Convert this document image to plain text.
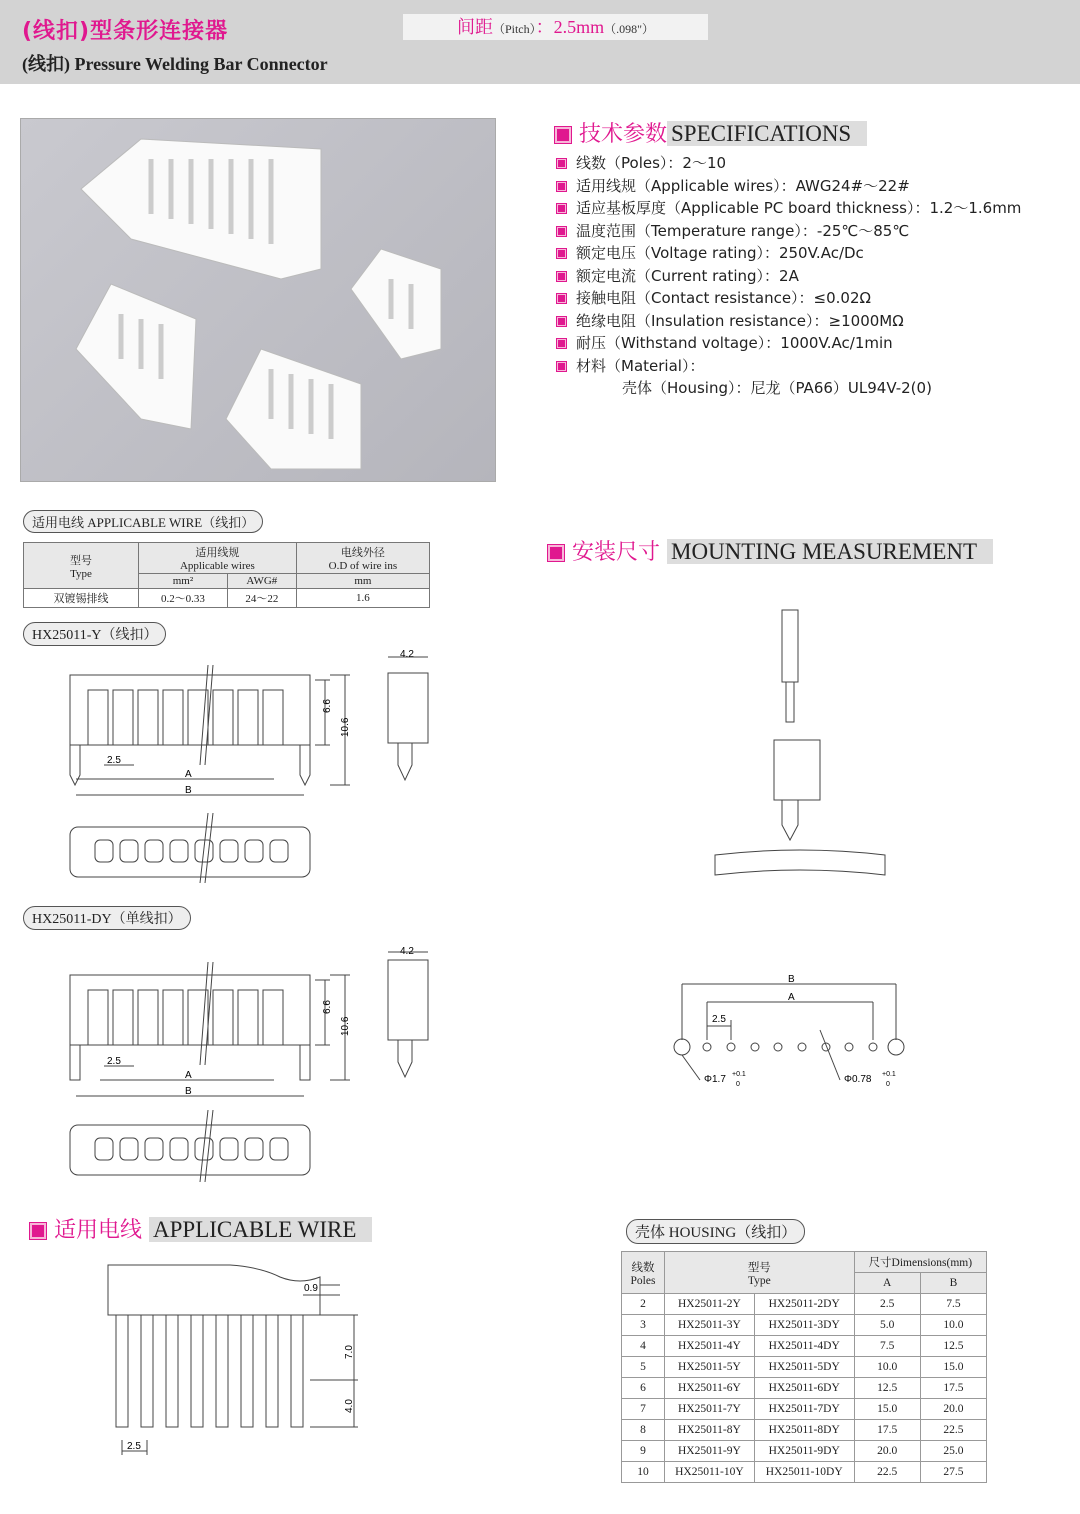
(线扣)型条形连接器
(线扣) Pressure Welding Bar Connector
间距（Pitch）：2.5mm（.098"）
技术参数 SPECIFICATIONS
线数（Poles）：2～10
适用线规（Applicable wires）：AWG24#～22#
适应基板厚度（Applicable PC board thickness）：1.2～1.6mm
温度范围（Temperature range）：-25℃～85℃
额定电压（Voltage rating）：250V.Ac/Dc
额定电流（Current rating）：2A
接触电阻（Contact resistance）：≤0.02Ω
绝缘电阻（Insulation resistance）：≥1000MΩ
耐压（Withstand voltage）：1000V.Ac/1min
材料（Material）：
壳体（Housing）：尼龙（PA66）UL94V-2(0)
适用电线 APPLICABLE WIRE（线扣）
型号
Type	适用线规
Applicable wires		电线外径
O.D of wire ins
	mm²	AWG#	mm
双镀锡排线	0.2～0.33	24～22	1.6
HX25011-Y（线扣）
4.2
6.6
10.6
2.5
A
B
HX25011-DY（单线扣）
4.2
6.6
10.6
2.5
A
B
安装尺寸 MOUNTING MEASUREMENT
B
A
2.5
Φ1.7 +0.1
0	Φ0.78 +0.1
0
适用电线 APPLICABLE WIRE
0.9
7.0
4.0
2.5
壳体 HOUSING（线扣）
线数
Poles	型号
Type		尺寸Dimensions(mm)	
			A	B
2	HX25011-2Y	HX25011-2DY	2.5	7.5
3	HX25011-3Y	HX25011-3DY	5.0	10.0
4	HX25011-4Y	HX25011-4DY	7.5	12.5
5	HX25011-5Y	HX25011-5DY	10.0	15.0
6	HX25011-6Y	HX25011-6DY	12.5	17.5
7	HX25011-7Y	HX25011-7DY	15.0	20.0
8	HX25011-8Y	HX25011-8DY	17.5	22.5
9	HX25011-9Y	HX25011-9DY	20.0	25.0
10	HX25011-10Y	HX25011-10DY	22.5	27.5
